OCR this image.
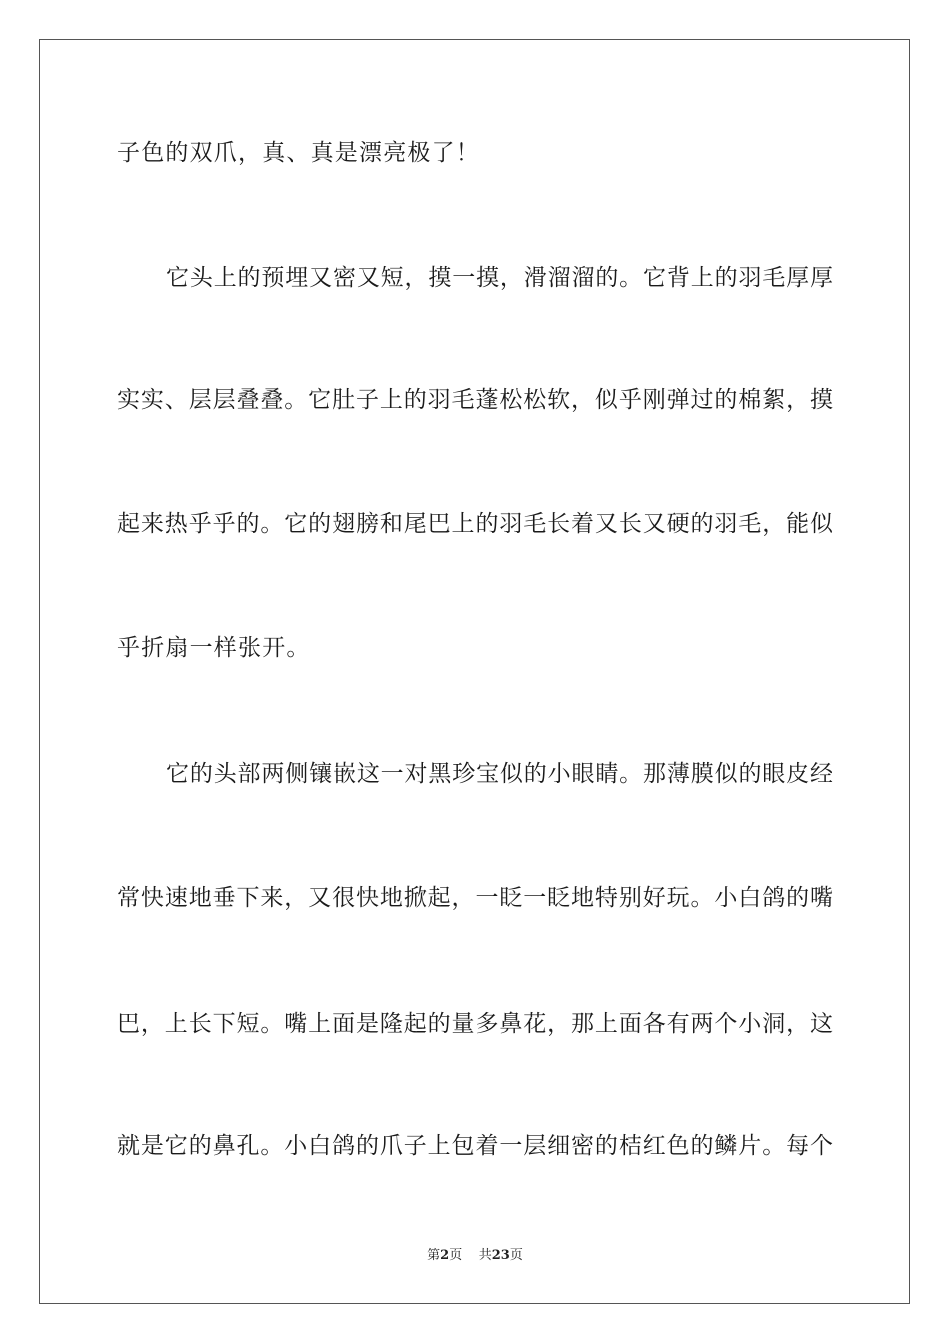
子色的双爪，真、真是漂亮极了！
它头上的预埋又密又短，摸一摸，滑溜溜的。它背上的羽毛厚厚
实实、层层叠叠。它肚子上的羽毛蓬松松软，似乎刚弹过的棉絮，摸
起来热乎乎的。它的翅膀和尾巴上的羽毛长着又长又硬的羽毛，能似
乎折扇一样张开。
它的头部两侧镶嵌这一对黑珍宝似的小眼睛。那薄膜似的眼皮经
常快速地垂下来，又很快地掀起，一眨一眨地特别好玩。小白鸽的嘴
巴，上长下短。嘴上面是隆起的量多鼻花，那上面各有两个小洞，这
就是它的鼻孔。小白鸽的爪子上包着一层细密的桔红色的鳞片。每个
第2页 共23页
